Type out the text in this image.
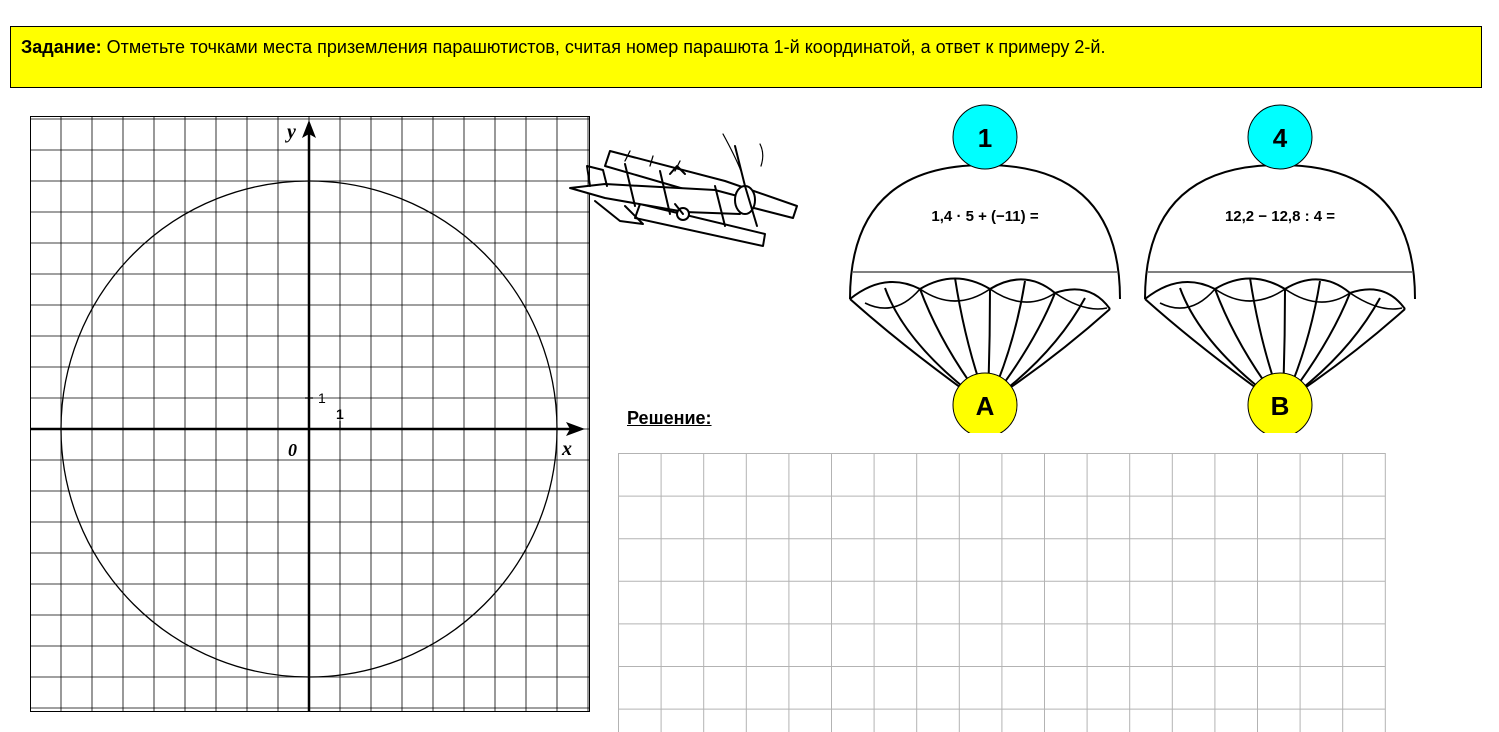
Задание: Отметьте точками места приземления парашютистов, считая номер парашюта 1-й координатой, а ответ к примеру 2-й.
y
x
0
1
1
1
1,4 · 5 + (−11) =
A
4
12,2 − 12,8 : 4 =
B
Решение:
